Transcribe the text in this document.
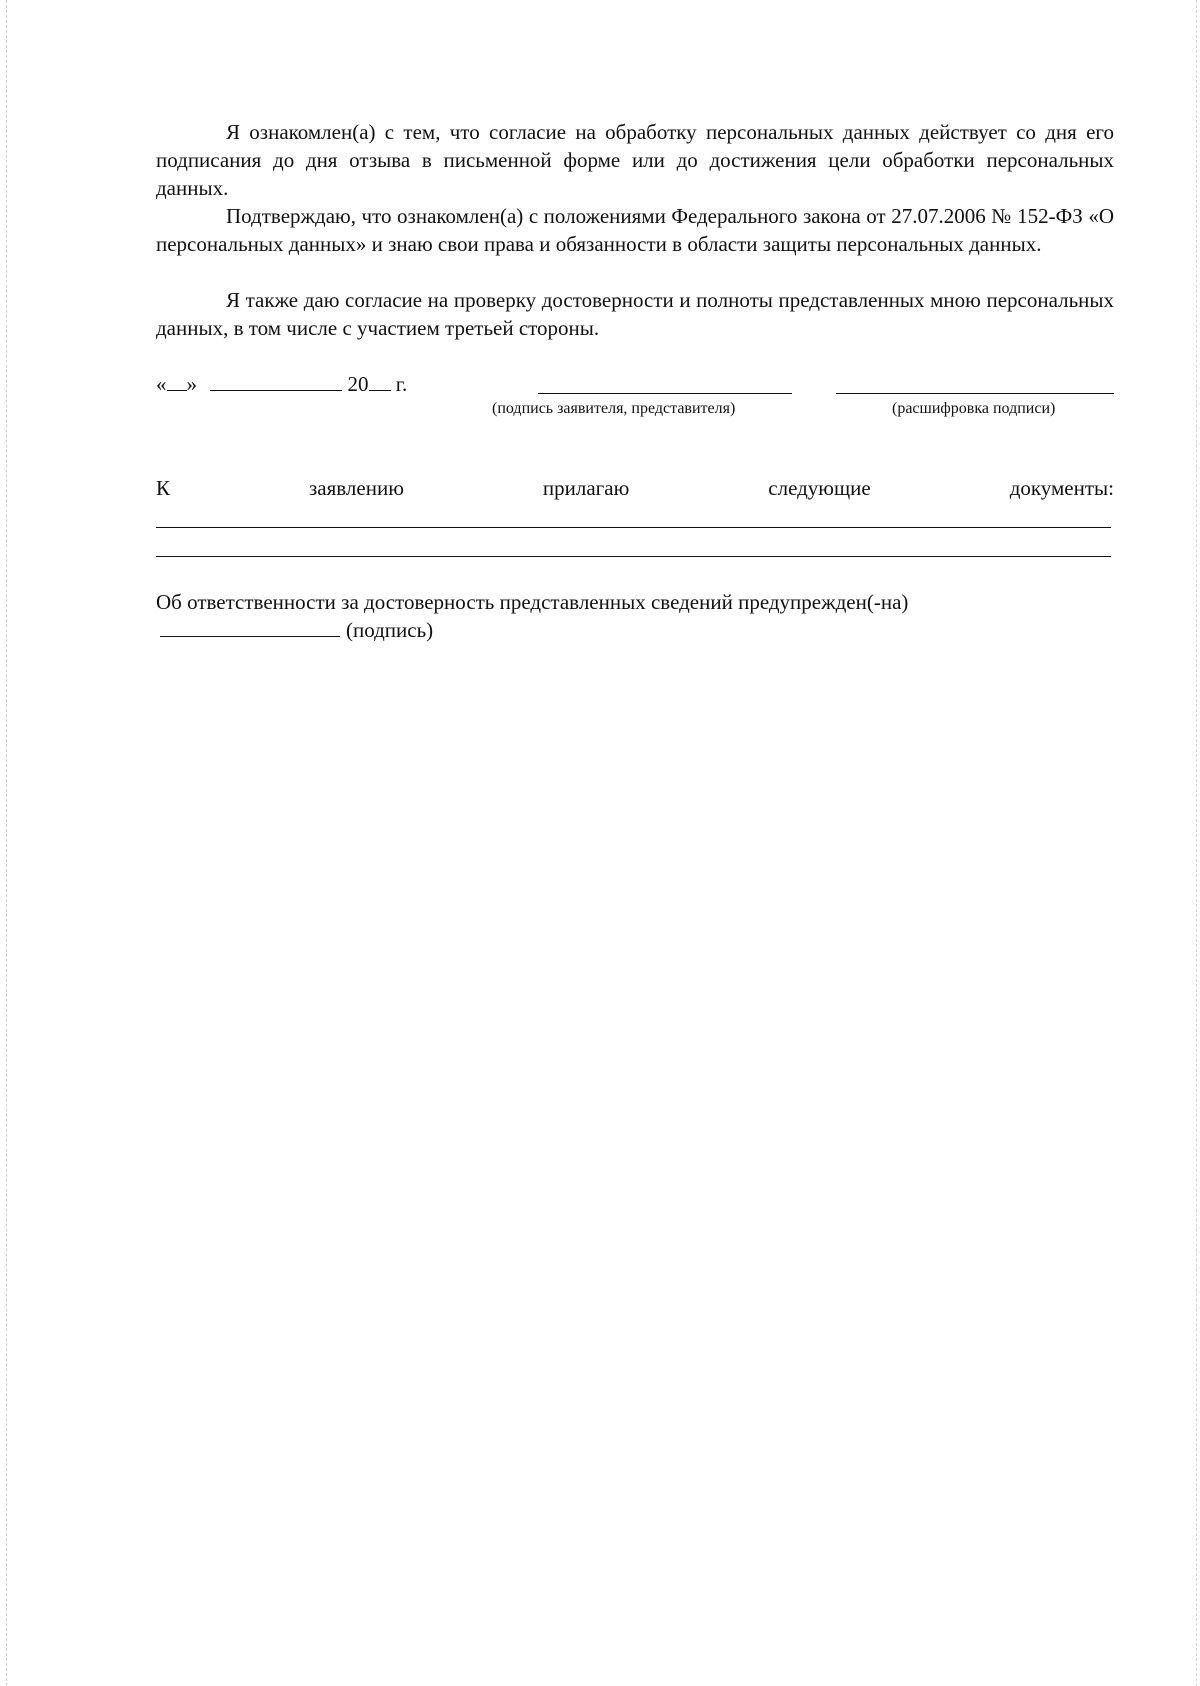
Я ознакомлен(а) с тем, что согласие на обработку персональных данных действует со дня его подписания до дня отзыва в письменной форме или до достижения цели обработки персональных данных.

Подтверждаю, что ознакомлен(а) с положениями Федерального закона от 27.07.2006 № 152-ФЗ «О персональных данных» и знаю свои права и обязанности в области защиты персональных данных.

Я также даю согласие на проверку достоверности и полноты представленных мною персональных данных, в том числе с участием третьей стороны.

« »	20 г.
(подпись заявителя, представителя)	(расшифровка подписи)
К	заявлению	прилагаю	следующие	документы:
Об ответственности за достоверность представленных сведений предупрежден(-на)
(подпись)
